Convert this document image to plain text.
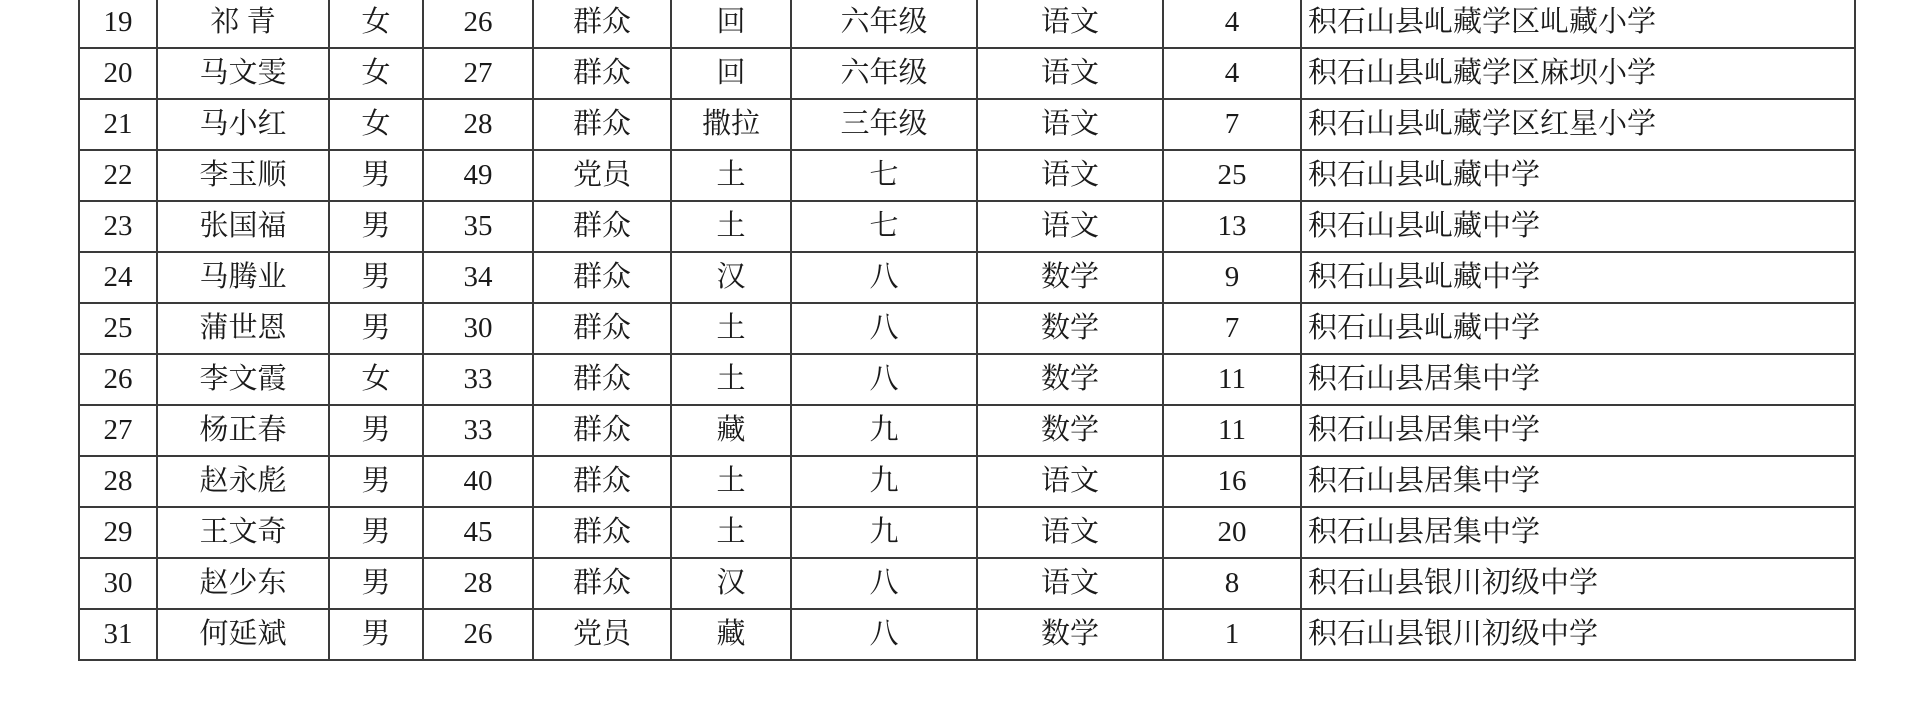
19	祁 青	女	26	群众	回	六年级	语文	4	积石山县乢藏学区乢藏小学
20	马文雯	女	27	群众	回	六年级	语文	4	积石山县乢藏学区麻坝小学
21	马小红	女	28	群众	撒拉	三年级	语文	7	积石山县乢藏学区红星小学
22	李玉顺	男	49	党员	土	七	语文	25	积石山县乢藏中学
23	张国福	男	35	群众	土	七	语文	13	积石山县乢藏中学
24	马腾业	男	34	群众	汉	八	数学	9	积石山县乢藏中学
25	蒲世恩	男	30	群众	土	八	数学	7	积石山县乢藏中学
26	李文霞	女	33	群众	土	八	数学	11	积石山县居集中学
27	杨正春	男	33	群众	藏	九	数学	11	积石山县居集中学
28	赵永彪	男	40	群众	土	九	语文	16	积石山县居集中学
29	王文奇	男	45	群众	土	九	语文	20	积石山县居集中学
30	赵少东	男	28	群众	汉	八	语文	8	积石山县银川初级中学
31	何延斌	男	26	党员	藏	八	数学	1	积石山县银川初级中学
